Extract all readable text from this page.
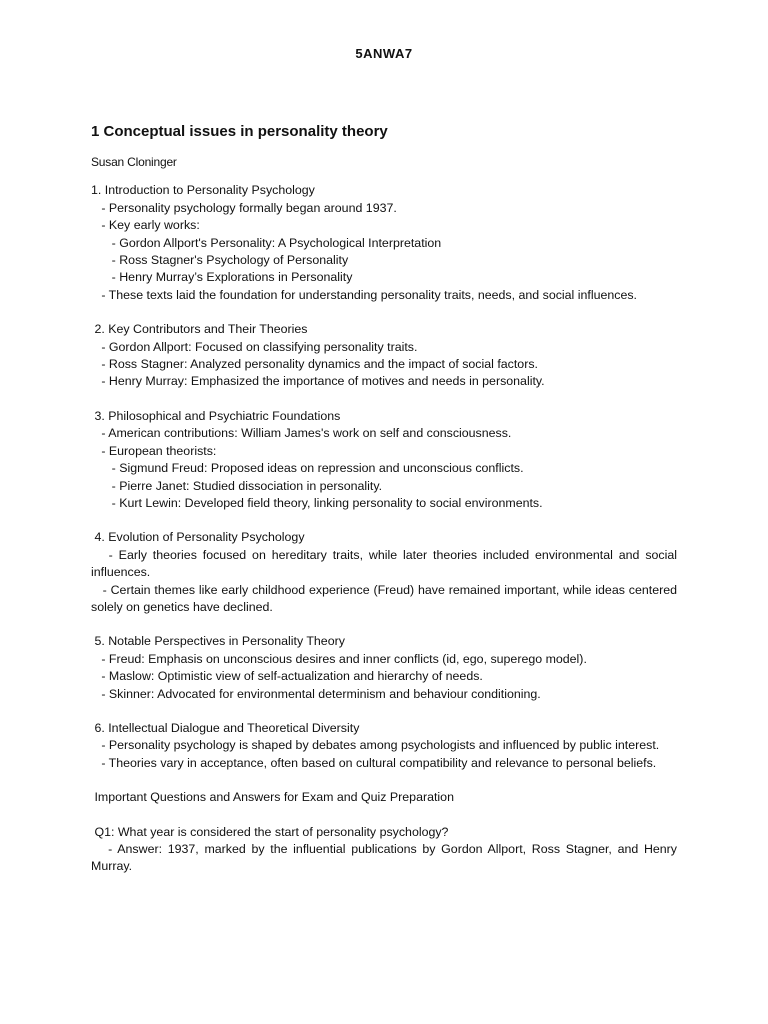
5ANWA7
1 Conceptual issues in personality theory
Susan Cloninger
1. Introduction to Personality Psychology
- Personality psychology formally began around 1937.
- Key early works:
- Gordon Allport's Personality: A Psychological Interpretation
- Ross Stagner's Psychology of Personality
- Henry Murray’s Explorations in Personality
- These texts laid the foundation for understanding personality traits, needs, and social influences.
2. Key Contributors and Their Theories
- Gordon Allport: Focused on classifying personality traits.
- Ross Stagner: Analyzed personality dynamics and the impact of social factors.
- Henry Murray: Emphasized the importance of motives and needs in personality.
3. Philosophical and Psychiatric Foundations
- American contributions: William James's work on self and consciousness.
- European theorists:
- Sigmund Freud: Proposed ideas on repression and unconscious conflicts.
- Pierre Janet: Studied dissociation in personality.
- Kurt Lewin: Developed field theory, linking personality to social environments.
4. Evolution of Personality Psychology
- Early theories focused on hereditary traits, while later theories included environmental and social influences.
- Certain themes like early childhood experience (Freud) have remained important, while ideas centered solely on genetics have declined.
5. Notable Perspectives in Personality Theory
- Freud: Emphasis on unconscious desires and inner conflicts (id, ego, superego model).
- Maslow: Optimistic view of self-actualization and hierarchy of needs.
- Skinner: Advocated for environmental determinism and behaviour conditioning.
6. Intellectual Dialogue and Theoretical Diversity
- Personality psychology is shaped by debates among psychologists and influenced by public interest.
- Theories vary in acceptance, often based on cultural compatibility and relevance to personal beliefs.
Important Questions and Answers for Exam and Quiz Preparation
Q1: What year is considered the start of personality psychology?
- Answer: 1937, marked by the influential publications by Gordon Allport, Ross Stagner, and Henry Murray.
